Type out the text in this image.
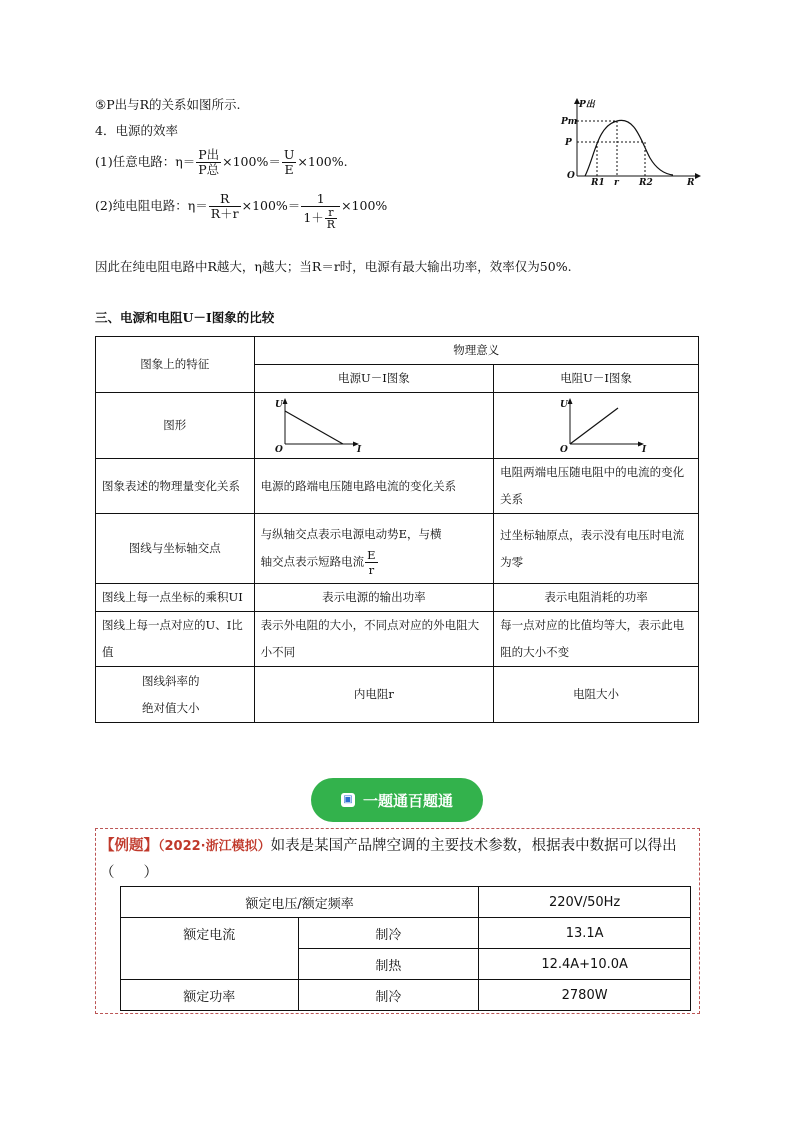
⑤P出与R的关系如图所示.
4．电源的效率
(1)任意电路：$\eta= \frac{\text{P出}}{\text{P总}} \times 100\%= \frac{U}{E} \times 100\%$.
(2)纯电阻电路：$\eta= \frac{R}{R+r} \times 100\%= \frac{1}{1+ \frac{r}{R}} \times 100\%$
因此在纯电阻电路中R越大，η越大；当R＝r时，电源有最大输出功率，效率仅为50%.
P出
Pm
P
O
R1 r R2	R
三、电源和电阻U－I图象的比较
图象上的特征	物理意义	
	电源U－I图象	电阻U－I图象
图形	U
O I	U
O I

图象表述的物理量变化关系	电源的路端电压随电路电流的变化关系	电阻两端电压随电阻中的电流的变化关系
图线与坐标轴交点	与纵轴交点表示电源电动势E，与横
轴交点表示短路电流 $\frac{E}{r}$	过坐标轴原点，表示没有电压时电流为零
图线上每一点坐标的乘积UI	表示电源的输出功率	表示电阻消耗的功率
图线上每一点对应的U、I比值	表示外电阻的大小，不同点对应的外电阻大小不同	每一点对应的比值均等大，表示此电阻的大小不变

图线斜率的
绝对值大小	内电阻r	电阻大小
▣ 一题通百题通
【例题】（2022·浙江模拟）如表是某国产品牌空调的主要技术参数，根据表中数据可以得出（　　）
额定电压/额定频率		220V/50Hz
额定电流	制冷	13.1A
	制热	12.4A+10.0A
额定功率	制冷	2780W
